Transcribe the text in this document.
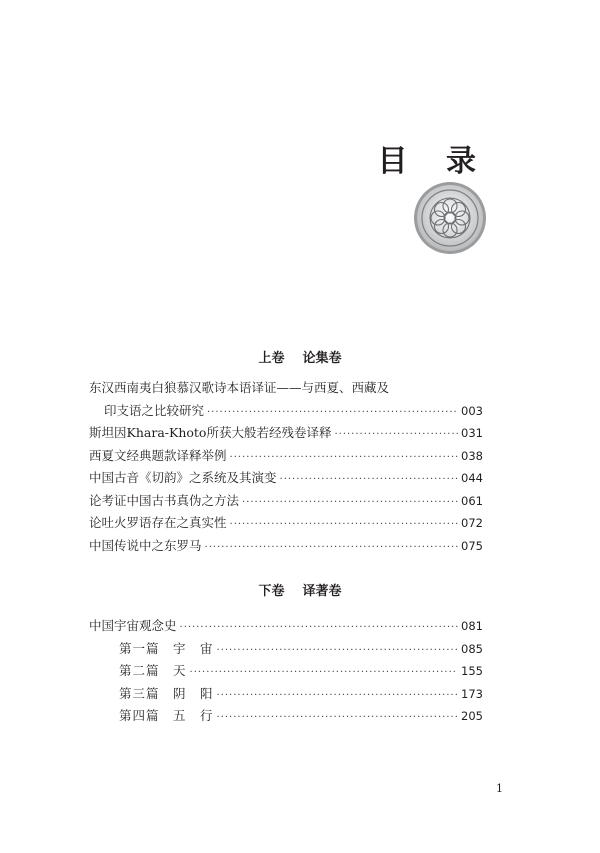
目 录
上卷 论集卷
东汉西南夷白狼慕汉歌诗本语译证——与西夏、西藏及
印支语之比较研究 ·····	003
斯坦因Khara-Khoto所获大般若经残卷译释 ·····	031
西夏文经典题款译释举例 ·····	038
中国古音《切韵》之系统及其演变 ·····	044
论考证中国古书真伪之方法 ·····	061
论吐火罗语存在之真实性 ·····	072
中国传说中之东罗马 ·····	075
下卷 译著卷
中国宇宙观念史 ·····	081
第一篇　宇　宙 ·····	085
第二篇　天 ·····	155
第三篇　阴　阳 ·····	173
第四篇　五　行 ·····	205
1
